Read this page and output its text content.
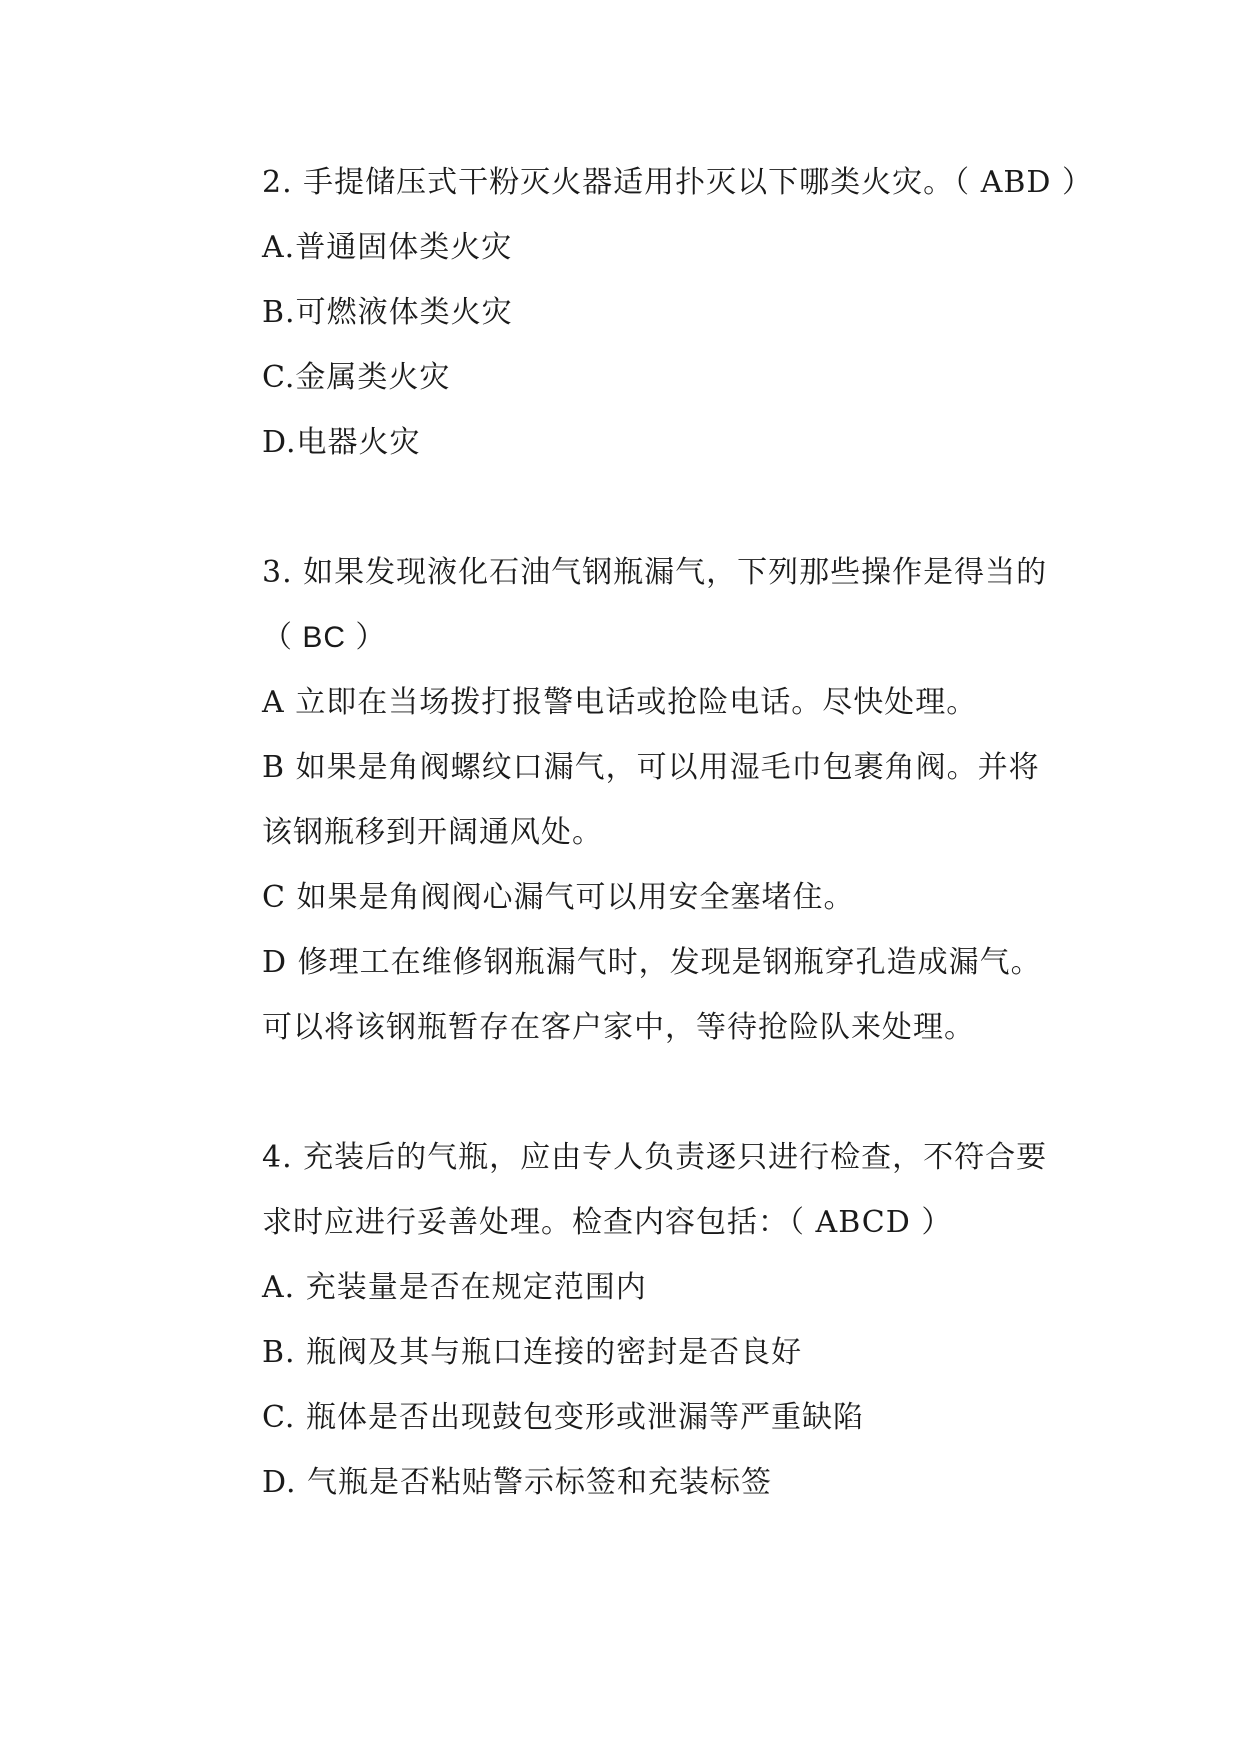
2. 手提储压式干粉灭火器适用扑灭以下哪类火灾。（ ABD ）
A.普通固体类火灾
B.可燃液体类火灾
C.金属类火灾
D.电器火灾
3. 如果发现液化石油气钢瓶漏气，下列那些操作是得当的
（ BC ）
A 立即在当场拨打报警电话或抢险电话。尽快处理。
B 如果是角阀螺纹口漏气，可以用湿毛巾包裹角阀。并将
该钢瓶移到开阔通风处。
C 如果是角阀阀心漏气可以用安全塞堵住。
D 修理工在维修钢瓶漏气时，发现是钢瓶穿孔造成漏气。
可以将该钢瓶暂存在客户家中，等待抢险队来处理。
4. 充装后的气瓶，应由专人负责逐只进行检查，不符合要
求时应进行妥善处理。检查内容包括：（ ABCD ）
A. 充装量是否在规定范围内
B. 瓶阀及其与瓶口连接的密封是否良好
C. 瓶体是否出现鼓包变形或泄漏等严重缺陷
D. 气瓶是否粘贴警示标签和充装标签
